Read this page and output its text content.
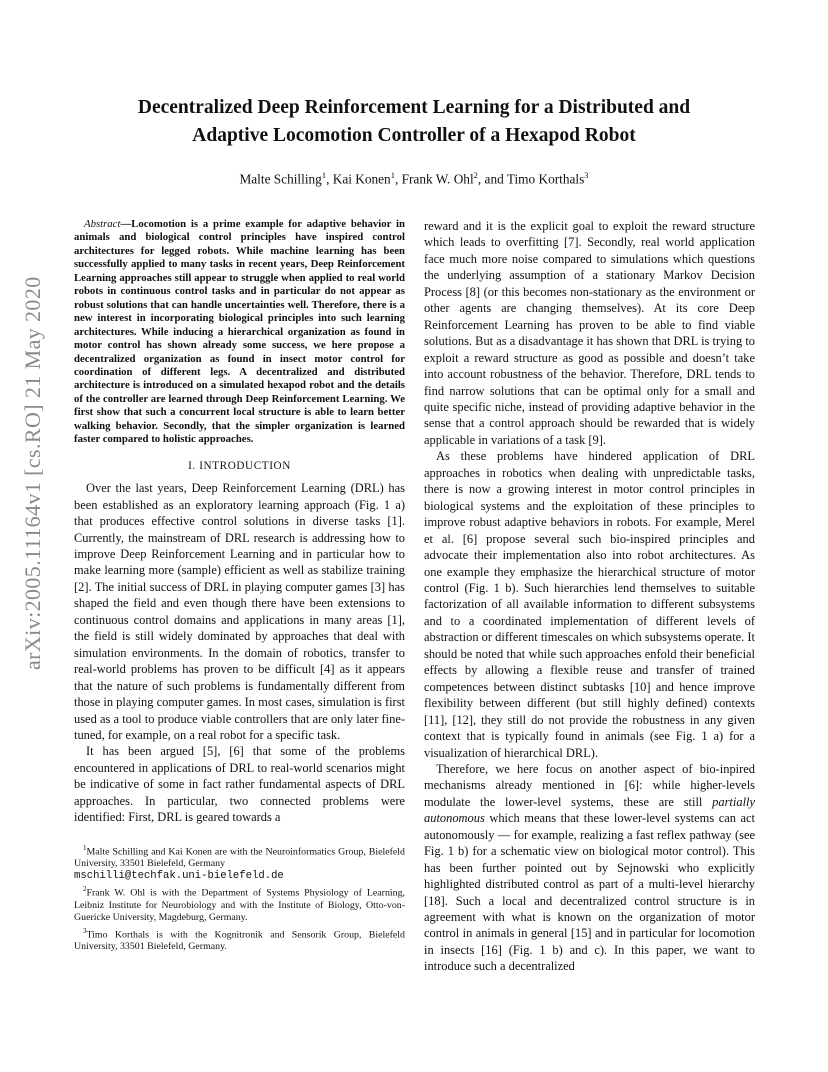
Decentralized Deep Reinforcement Learning for a Distributed and
Adaptive Locomotion Controller of a Hexapod Robot
Malte Schilling$^1$, Kai Konen$^1$, Frank W. Ohl$^2$, and Timo Korthals$^3$
arXiv:2005.11164v1 [cs.RO] 21 May 2020

Abstract—Locomotion is a prime example for adaptive behavior in animals and biological control principles have inspired control architectures for legged robots. While machine learning has been successfully applied to many tasks in recent years, Deep Reinforcement Learning approaches still appear to struggle when applied to real world robots in continuous control tasks and in particular do not appear as robust solutions that can handle uncertainties well. Therefore, there is a new interest in incorporating biological principles into such learning architectures. While inducing a hierarchical organization as found in motor control has shown already some success, we here propose a decentralized organization as found in insect motor control for coordination of different legs. A decentralized and distributed architecture is introduced on a simulated hexapod robot and the details of the controller are learned through Deep Reinforcement Learning. We first show that such a concurrent local structure is able to learn better walking behavior. Secondly, that the simpler organization is learned faster compared to holistic approaches.

I. INTRODUCTION

Over the last years, Deep Reinforcement Learning (DRL) has been established as an exploratory learning approach (Fig. 1 a) that produces effective control solutions in diverse tasks [1]. Currently, the mainstream of DRL research is addressing how to improve Deep Reinforcement Learning and in particular how to make learning more (sample) efficient as well as stabilize training [2]. The initial success of DRL in playing computer games [3] has shaped the field and even though there have been extensions to continuous control domains and applications in many areas [1], the field is still widely dominated by approaches that deal with simulation environments. In the domain of robotics, transfer to real-world problems has proven to be difficult [4] as it appears that the nature of such problems is fundamentally different from those in playing computer games. In most cases, simulation is first used as a tool to produce viable controllers that are only later fine-tuned, for example, on a real robot for a specific task.

It has been argued [5], [6] that some of the problems encountered in applications of DRL to real-world scenarios might be indicative of some in fact rather fundamental aspects of DRL approaches. In particular, two connected problems were identified: First, DRL is geared towards a

$^1$Malte Schilling and Kai Konen are with the Neuroinformatics Group, Bielefeld University, 33501 Bielefeld, Germany
mschilli@techfak.uni-bielefeld.de

$^2$Frank W. Ohl is with the Department of Systems Physiology of Learning, Leibniz Institute for Neurobiology and with the Institute of Biology, Otto-von-Guericke University, Magdeburg, Germany.

$^3$Timo Korthals is with the Kognitronik and Sensorik Group, Bielefeld University, 33501 Bielefeld, Germany.

reward and it is the explicit goal to exploit the reward structure which leads to overfitting [7]. Secondly, real world application face much more noise compared to simulations which questions the underlying assumption of a stationary Markov Decision Process [8] (or this becomes non-stationary as the environment or other agents are changing themselves). At its core Deep Reinforcement Learning has proven to be able to find viable solutions. But as a disadvantage it has shown that DRL is trying to exploit a reward structure as good as possible and doesn’t take into account robustness of the behavior. Therefore, DRL tends to find narrow solutions that can be optimal only for a small and quite specific niche, instead of providing adaptive behavior in the sense that a control approach should be rewarded that is widely applicable in variations of a task [9].

As these problems have hindered application of DRL approaches in robotics when dealing with unpredictable tasks, there is now a growing interest in motor control principles in biological systems and the exploitation of these principles to improve robust adaptive behaviors in robots. For example, Merel et al. [6] propose several such bio-inspired principles and advocate their implementation also into robot architectures. As one example they emphasize the hierarchical structure of motor control (Fig. 1 b). Such hierarchies lend themselves to suitable factorization of all available information to different subsystems and to a coordinated implementation of different levels of abstraction or different timescales on which subsystems operate. It should be noted that while such approaches enfold their beneficial effects by allowing a flexible reuse and transfer of trained competences between distinct subtasks [10] and hence improve flexibility between different (but still highly defined) contexts [11], [12], they still do not provide the robustness in any given context that is typically found in animals (see Fig. 1 a) for a visualization of hierarchical DRL).

Therefore, we here focus on another aspect of bio-inpired mechanisms already mentioned in [6]: while higher-levels modulate the lower-level systems, these are still partially autonomous which means that these lower-level systems can act autonomously — for example, realizing a fast reflex pathway (see Fig. 1 b) for a schematic view on biological motor control). This has been further pointed out by Sejnowski who explicitly highlighted distributed control as part of a multi-level hierarchy [18]. Such a local and decentralized control structure is in agreement with what is known on the organization of motor control in animals in general [15] and in particular for locomotion in insects [16] (Fig. 1 b) and c). In this paper, we want to introduce such a decentralized
